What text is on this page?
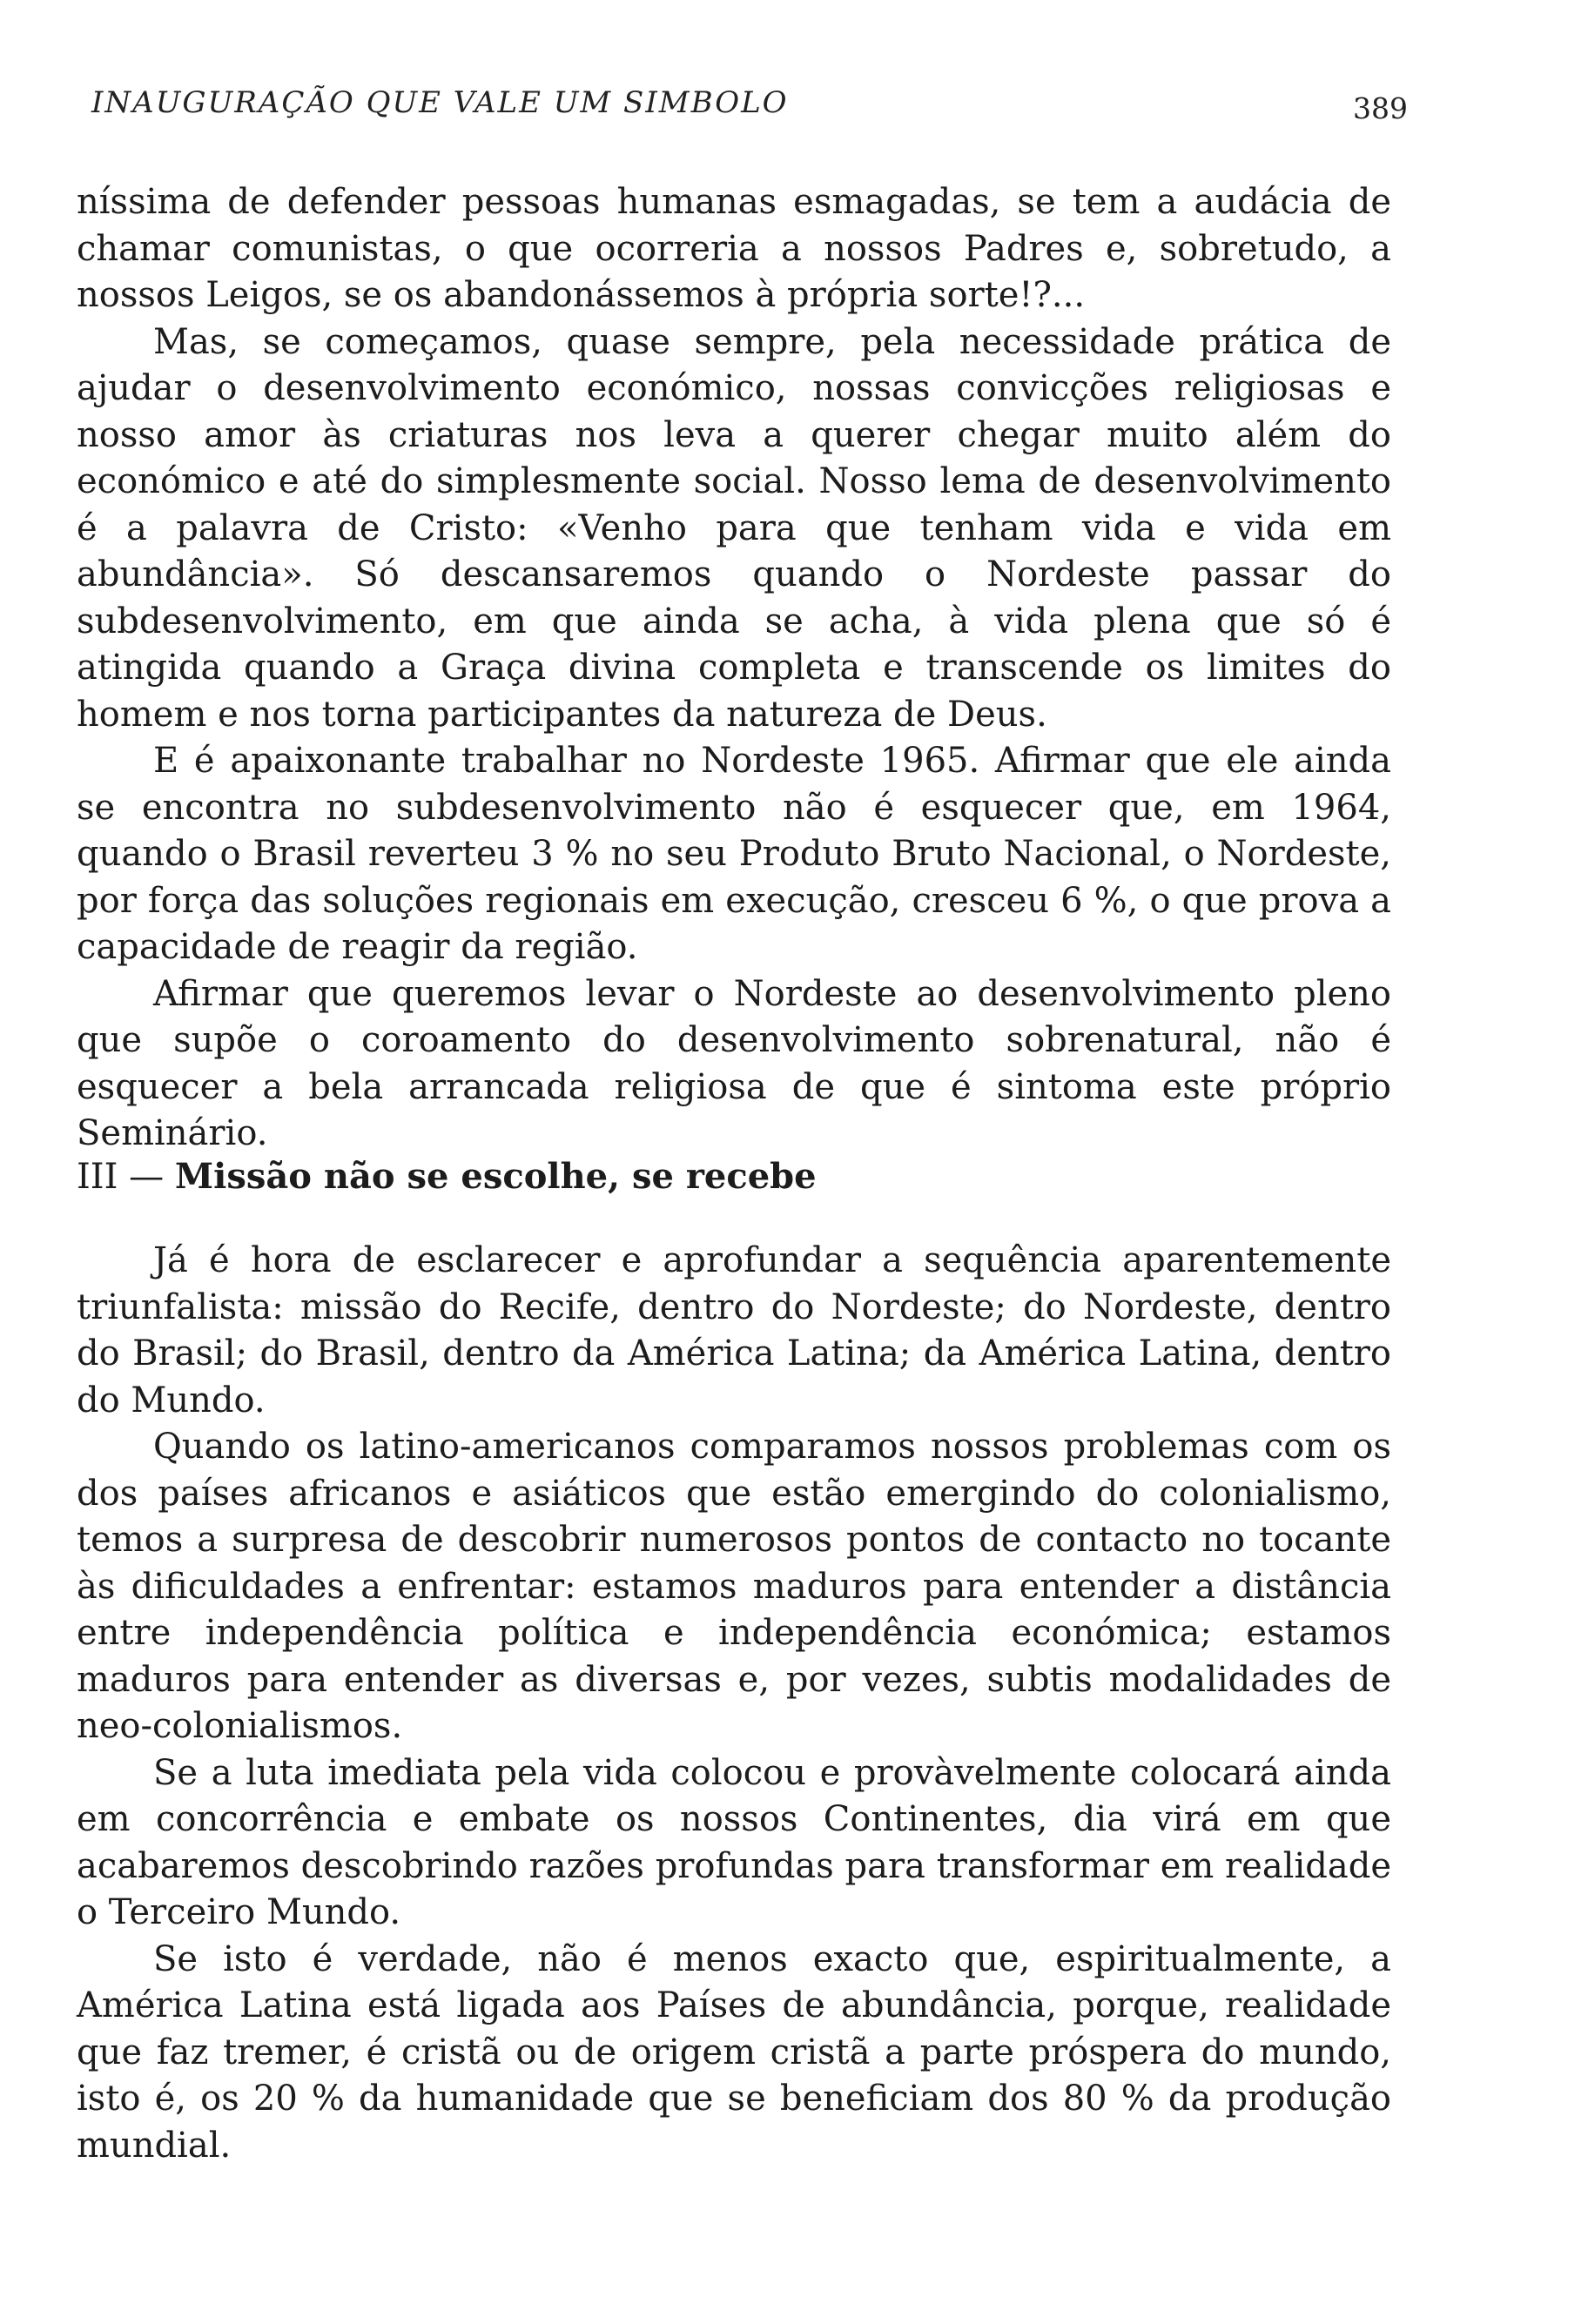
INAUGURAÇÃO QUE VALE UM SIMBOLO	389

níssima de defender pessoas humanas esmagadas, se tem a audácia de chamar comunistas, o que ocorreria a nossos Padres e, sobretudo, a nossos Leigos, se os abandonássemos à própria sorte!?...

Mas, se começamos, quase sempre, pela necessidade prática de ajudar o desenvolvimento económico, nossas convicções religiosas e nosso amor às criaturas nos leva a querer chegar muito além do económico e até do simplesmente social. Nosso lema de desenvolvimento é a palavra de Cristo: «Venho para que tenham vida e vida em abundância». Só descansaremos quando o Nordeste passar do subdesenvolvimento, em que ainda se acha, à vida plena que só é atingida quando a Graça divina completa e transcende os limites do homem e nos torna participantes da natureza de Deus.

E é apaixonante trabalhar no Nordeste 1965. Afirmar que ele ainda se encontra no subdesenvolvimento não é esquecer que, em 1964, quando o Brasil reverteu 3 % no seu Produto Bruto Nacional, o Nordeste, por força das soluções regionais em execução, cresceu 6 %, o que prova a capacidade de reagir da região.

Afirmar que queremos levar o Nordeste ao desenvolvimento pleno que supõe o coroamento do desenvolvimento sobrenatural, não é esquecer a bela arrancada religiosa de que é sintoma este próprio Seminário.

III — Missão não se escolhe, se recebe

Já é hora de esclarecer e aprofundar a sequência aparentemente triunfalista: missão do Recife, dentro do Nordeste; do Nordeste, dentro do Brasil; do Brasil, dentro da América Latina; da América Latina, dentro do Mundo.

Quando os latino-americanos comparamos nossos problemas com os dos países africanos e asiáticos que estão emergindo do colonialismo, temos a surpresa de descobrir numerosos pontos de contacto no tocante às dificuldades a enfrentar: estamos maduros para entender a distância entre independência política e independência económica; estamos maduros para entender as diversas e, por vezes, subtis modalidades de neo-colonialismos.

Se a luta imediata pela vida colocou e provàvelmente colocará ainda em concorrência e embate os nossos Continentes, dia virá em que acabaremos descobrindo razões profundas para transformar em realidade o Terceiro Mundo.

Se isto é verdade, não é menos exacto que, espiritualmente, a América Latina está ligada aos Países de abundância, porque, realidade que faz tremer, é cristã ou de origem cristã a parte próspera do mundo, isto é, os 20 % da humanidade que se beneficiam dos 80 % da produção mundial.
